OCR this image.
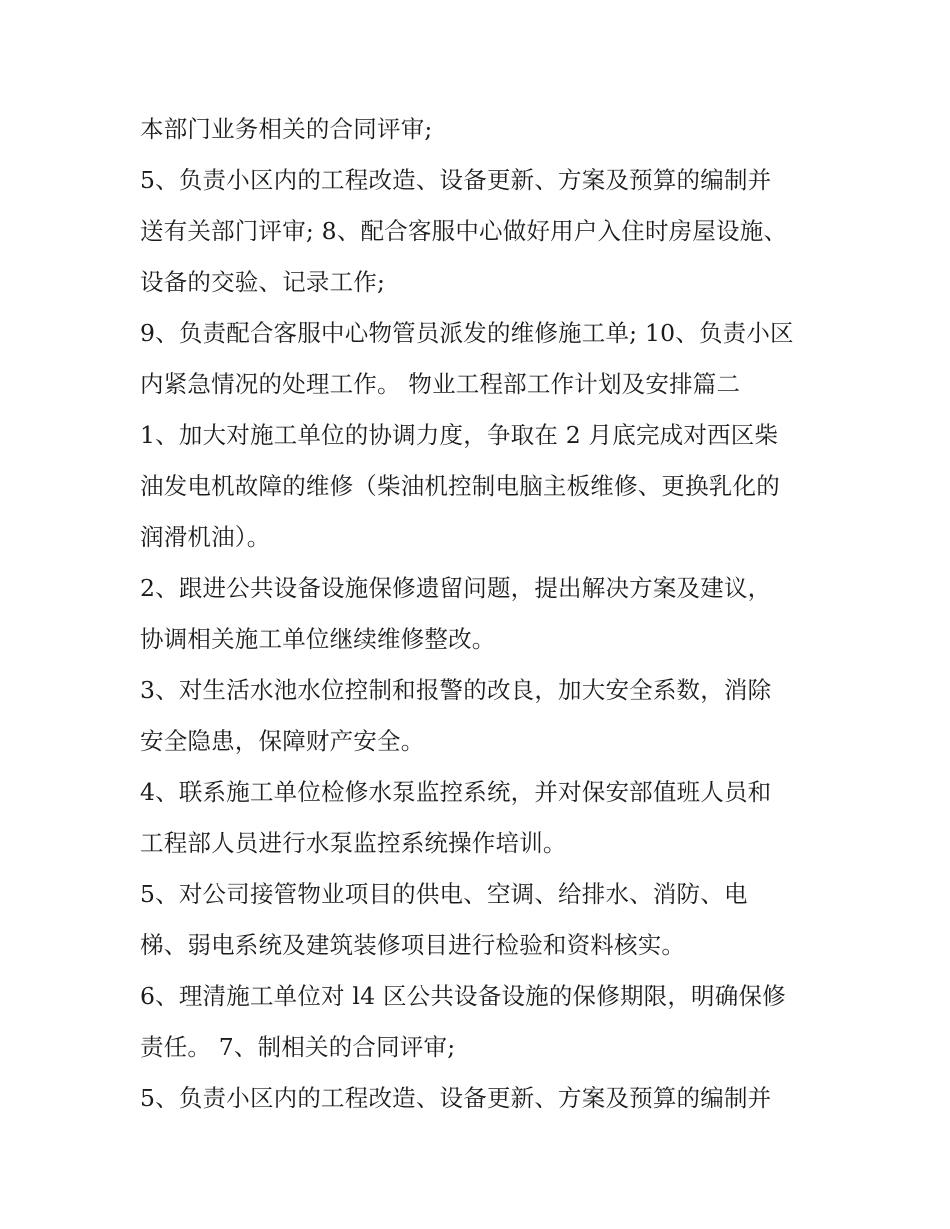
本部门业务相关的合同评审;
5、负责小区内的工程改造、设备更新、方案及预算的编制并
送有关部门评审; 8、配合客服中心做好用户入住时房屋设施、
设备的交验、记录工作;
9、负责配合客服中心物管员派发的维修施工单; 10、负责小区
内紧急情况的处理工作。 物业工程部工作计划及安排篇二
1、加大对施工单位的协调力度，争取在 2 月底完成对西区柴
油发电机故障的维修（柴油机控制电脑主板维修、更换乳化的
润滑机油）。
2、跟进公共设备设施保修遗留问题，提出解决方案及建议，
协调相关施工单位继续维修整改。
3、对生活水池水位控制和报警的改良，加大安全系数，消除
安全隐患，保障财产安全。
4、联系施工单位检修水泵监控系统，并对保安部值班人员和
工程部人员进行水泵监控系统操作培训。
5、对公司接管物业项目的供电、空调、给排水、消防、电
梯、弱电系统及建筑装修项目进行检验和资料核实。
6、理清施工单位对 l4 区公共设备设施的保修期限，明确保修
责任。 7、制相关的合同评审;
5、负责小区内的工程改造、设备更新、方案及预算的编制并
